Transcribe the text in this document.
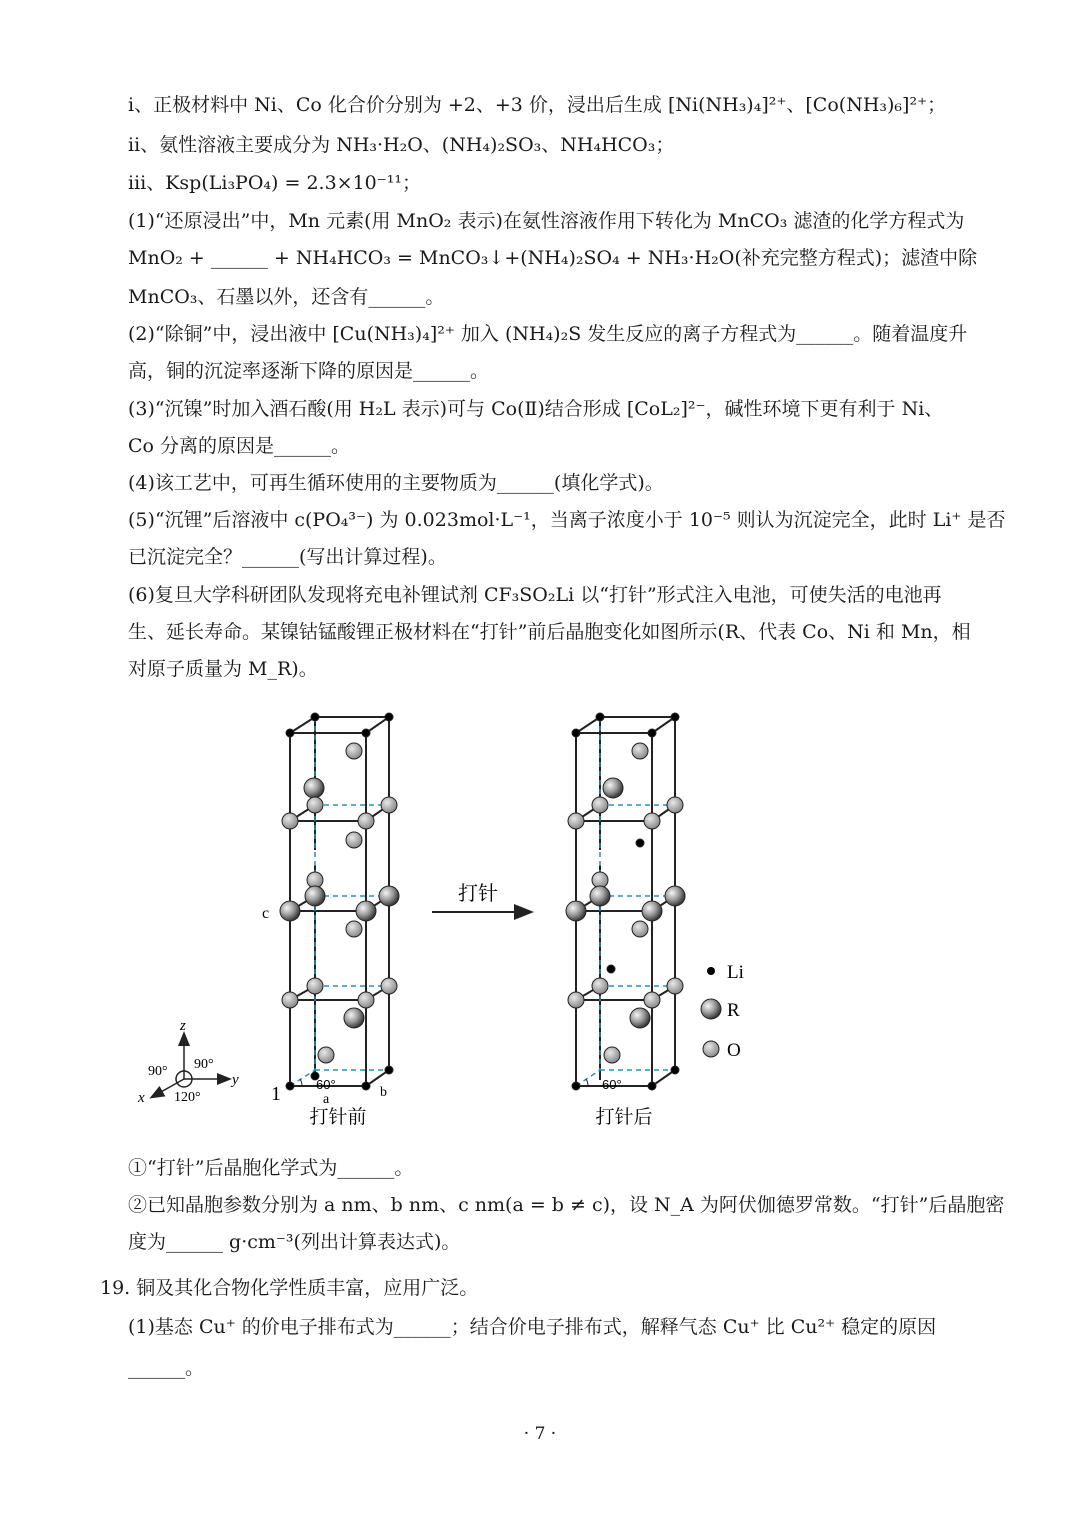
ⅰ、正极材料中 Ni、Co 化合价分别为 +2、+3 价，浸出后生成 [Ni(NH₃)₄]²⁺、[Co(NH₃)₆]²⁺；
ⅱ、氨性溶液主要成分为 NH₃·H₂O、(NH₄)₂SO₃、NH₄HCO₃；
ⅲ、Ksp(Li₃PO₄) = 2.3×10⁻¹¹；
(1)“还原浸出”中，Mn 元素(用 MnO₂ 表示)在氨性溶液作用下转化为 MnCO₃ 滤渣的化学方程式为
MnO₂ + ______ + NH₄HCO₃ = MnCO₃↓+(NH₄)₂SO₄ + NH₃·H₂O(补充完整方程式)；滤渣中除
MnCO₃、石墨以外，还含有______。
(2)“除铜”中，浸出液中 [Cu(NH₃)₄]²⁺ 加入 (NH₄)₂S 发生反应的离子方程式为______。随着温度升
高，铜的沉淀率逐渐下降的原因是______。
(3)“沉镍”时加入酒石酸(用 H₂L 表示)可与 Co(Ⅱ)结合形成 [CoL₂]²⁻，碱性环境下更有利于 Ni、
Co 分离的原因是______。
(4)该工艺中，可再生循环使用的主要物质为______(填化学式)。
(5)“沉锂”后溶液中 c(PO₄³⁻) 为 0.023mol·L⁻¹，当离子浓度小于 10⁻⁵ 则认为沉淀完全，此时 Li⁺ 是否
已沉淀完全？______(写出计算过程)。
(6)复旦大学科研团队发现将充电补锂试剂 CF₃SO₂Li 以“打针”形式注入电池，可使失活的电池再
生、延长寿命。某镍钴锰酸锂正极材料在“打针”前后晶胞变化如图所示(R、代表 Co、Ni 和 Mn，相
对原子质量为 M_R)。
60°
c
a	b
1
打针前
z
y
x
90° 90°
120°
打针
60°
打针后
Li
R
O
①“打针”后晶胞化学式为______。
②已知晶胞参数分别为 a nm、b nm、c nm(a = b ≠ c)，设 N_A 为阿伏伽德罗常数。“打针”后晶胞密
度为______ g·cm⁻³(列出计算表达式)。
19. 铜及其化合物化学性质丰富，应用广泛。
(1)基态 Cu⁺ 的价电子排布式为______；结合价电子排布式，解释气态 Cu⁺ 比 Cu²⁺ 稳定的原因
______。
· 7 ·
